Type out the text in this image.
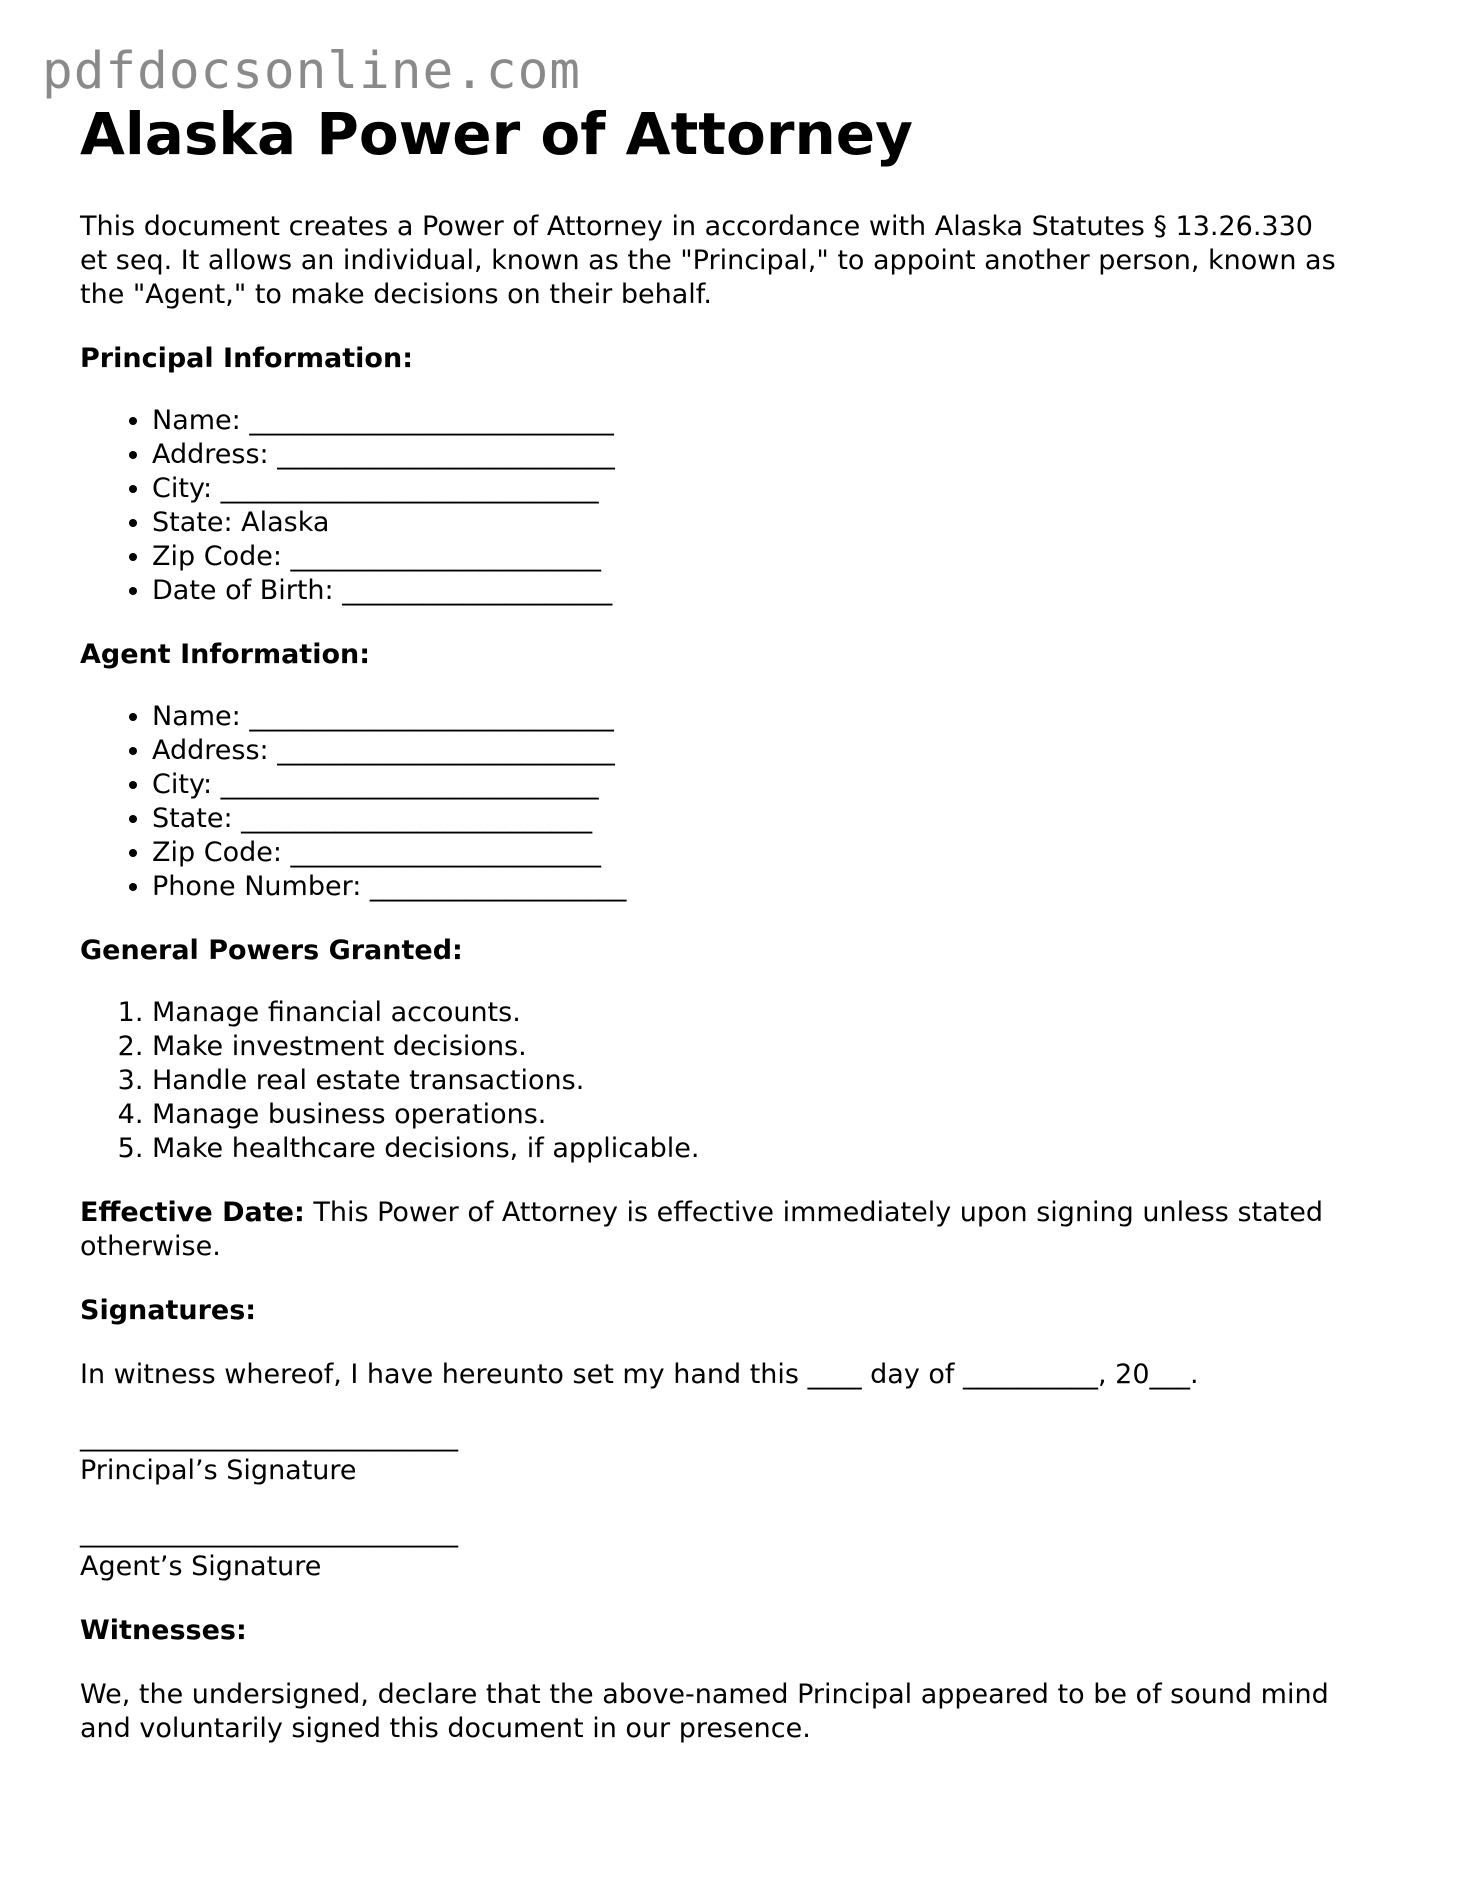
pdfdocsonline.com
Alaska Power of Attorney

This document creates a Power of Attorney in accordance with Alaska Statutes § 13.26.330 et seq. It allows an individual, known as the "Principal," to appoint another person, known as the "Agent," to make decisions on their behalf.

Principal Information:
• Name: ___________________________
• Address: _________________________
• City: ____________________________
• State: Alaska
• Zip Code: _______________________
• Date of Birth: ____________________
Agent Information:
• Name: ___________________________
• Address: _________________________
• City: ____________________________
• State: __________________________
• Zip Code: _______________________
• Phone Number: ___________________
General Powers Granted:
1. Manage financial accounts.
2. Make investment decisions.
3. Handle real estate transactions.
4. Manage business operations.
5. Make healthcare decisions, if applicable.

Effective Date: This Power of Attorney is effective immediately upon signing unless stated otherwise.

Signatures:

In witness whereof, I have hereunto set my hand this ____ day of __________, 20___.

____________________________
Principal’s Signature
____________________________
Agent’s Signature
Witnesses:

We, the undersigned, declare that the above-named Principal appeared to be of sound mind and voluntarily signed this document in our presence.
